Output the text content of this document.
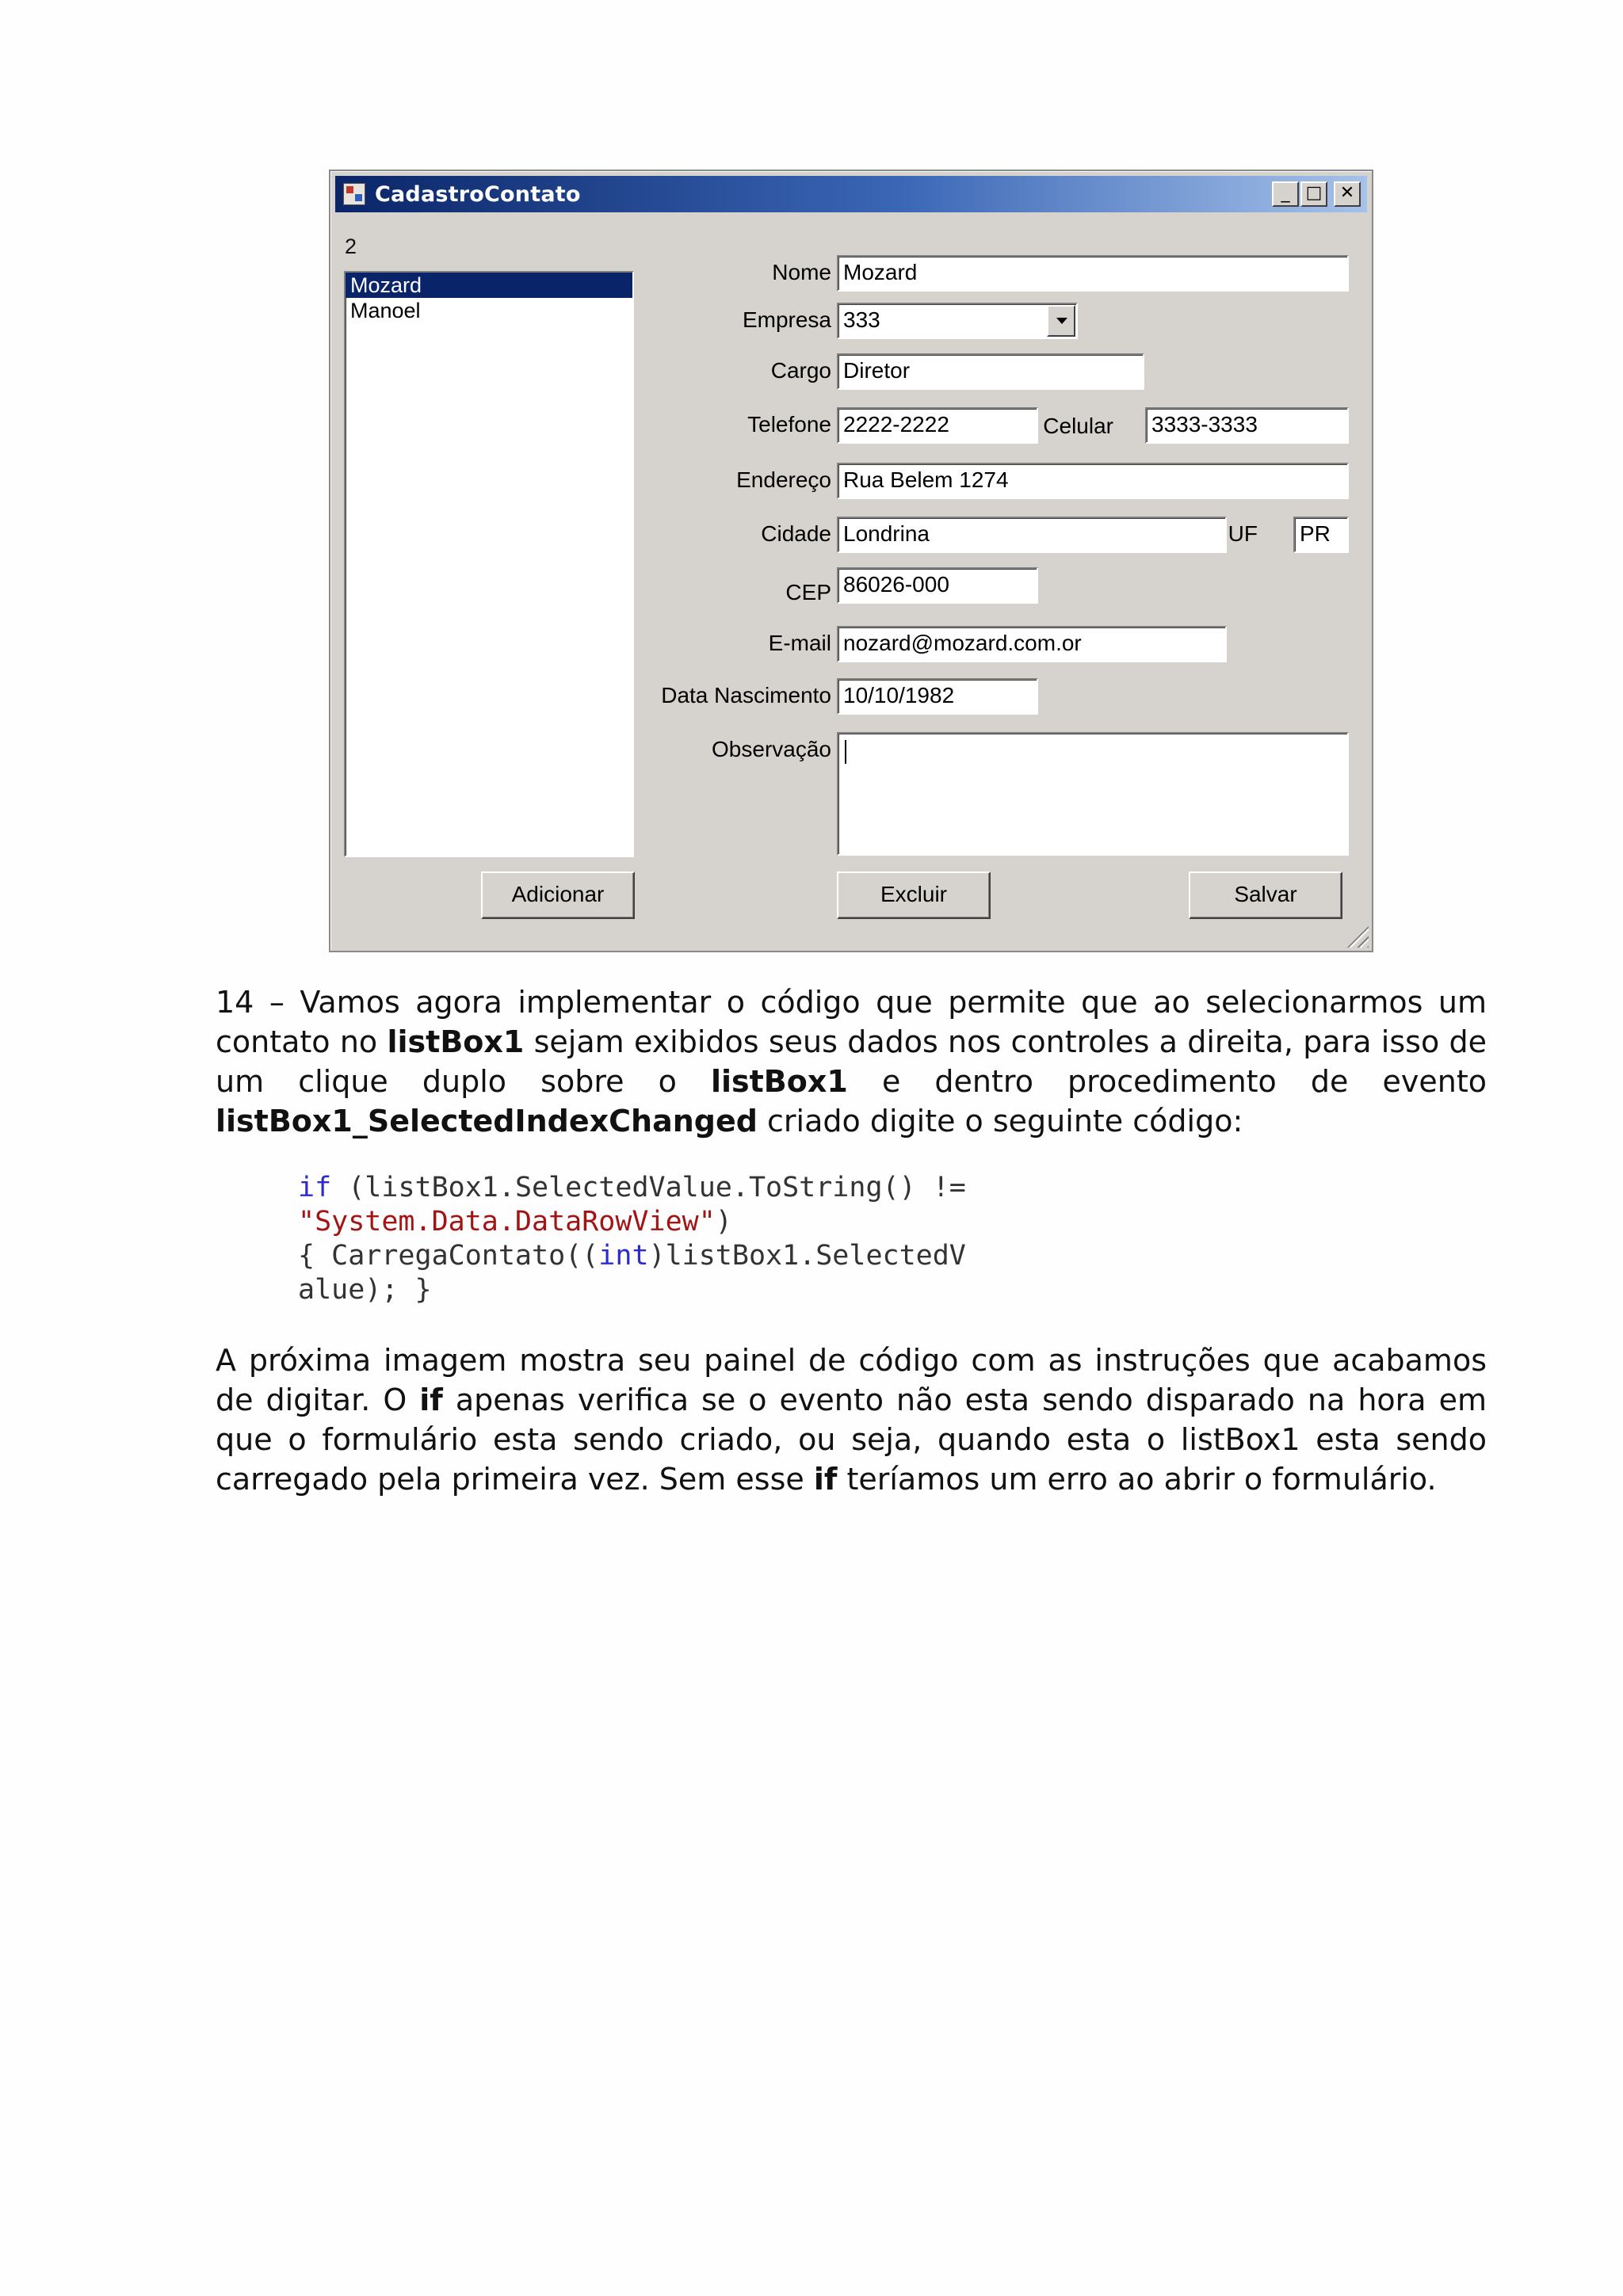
CadastroContato	_ □	✕
2
Mozard
Manoel
Nome Mozard
Empresa 333
Cargo Diretor
Telefone 2222-2222	Celular 3333-3333
Endereço Rua Belem 1274
Cidade Londrina	UF PR
CEP 86026-000
E-mail nozard@mozard.com.or
Data Nascimento 10/10/1982
Observação
Adicionar	Excluir	Salvar
14 – Vamos agora implementar o código que permite que ao selecionarmos um contato no listBox1 sejam exibidos seus dados nos controles a direita, para isso de um clique duplo sobre o listBox1 e dentro procedimento de evento listBox1_SelectedIndexChanged criado digite o seguinte código:
if (listBox1.SelectedValue.ToString() !=
"System.Data.DataRowView")
{ CarregaContato((int)listBox1.SelectedV
alue); }
A próxima imagem mostra seu painel de código com as instruções que acabamos de digitar. O if apenas verifica se o evento não esta sendo disparado na hora em que o formulário esta sendo criado, ou seja, quando esta o listBox1 esta sendo carregado pela primeira vez. Sem esse if teríamos um erro ao abrir o formulário.
